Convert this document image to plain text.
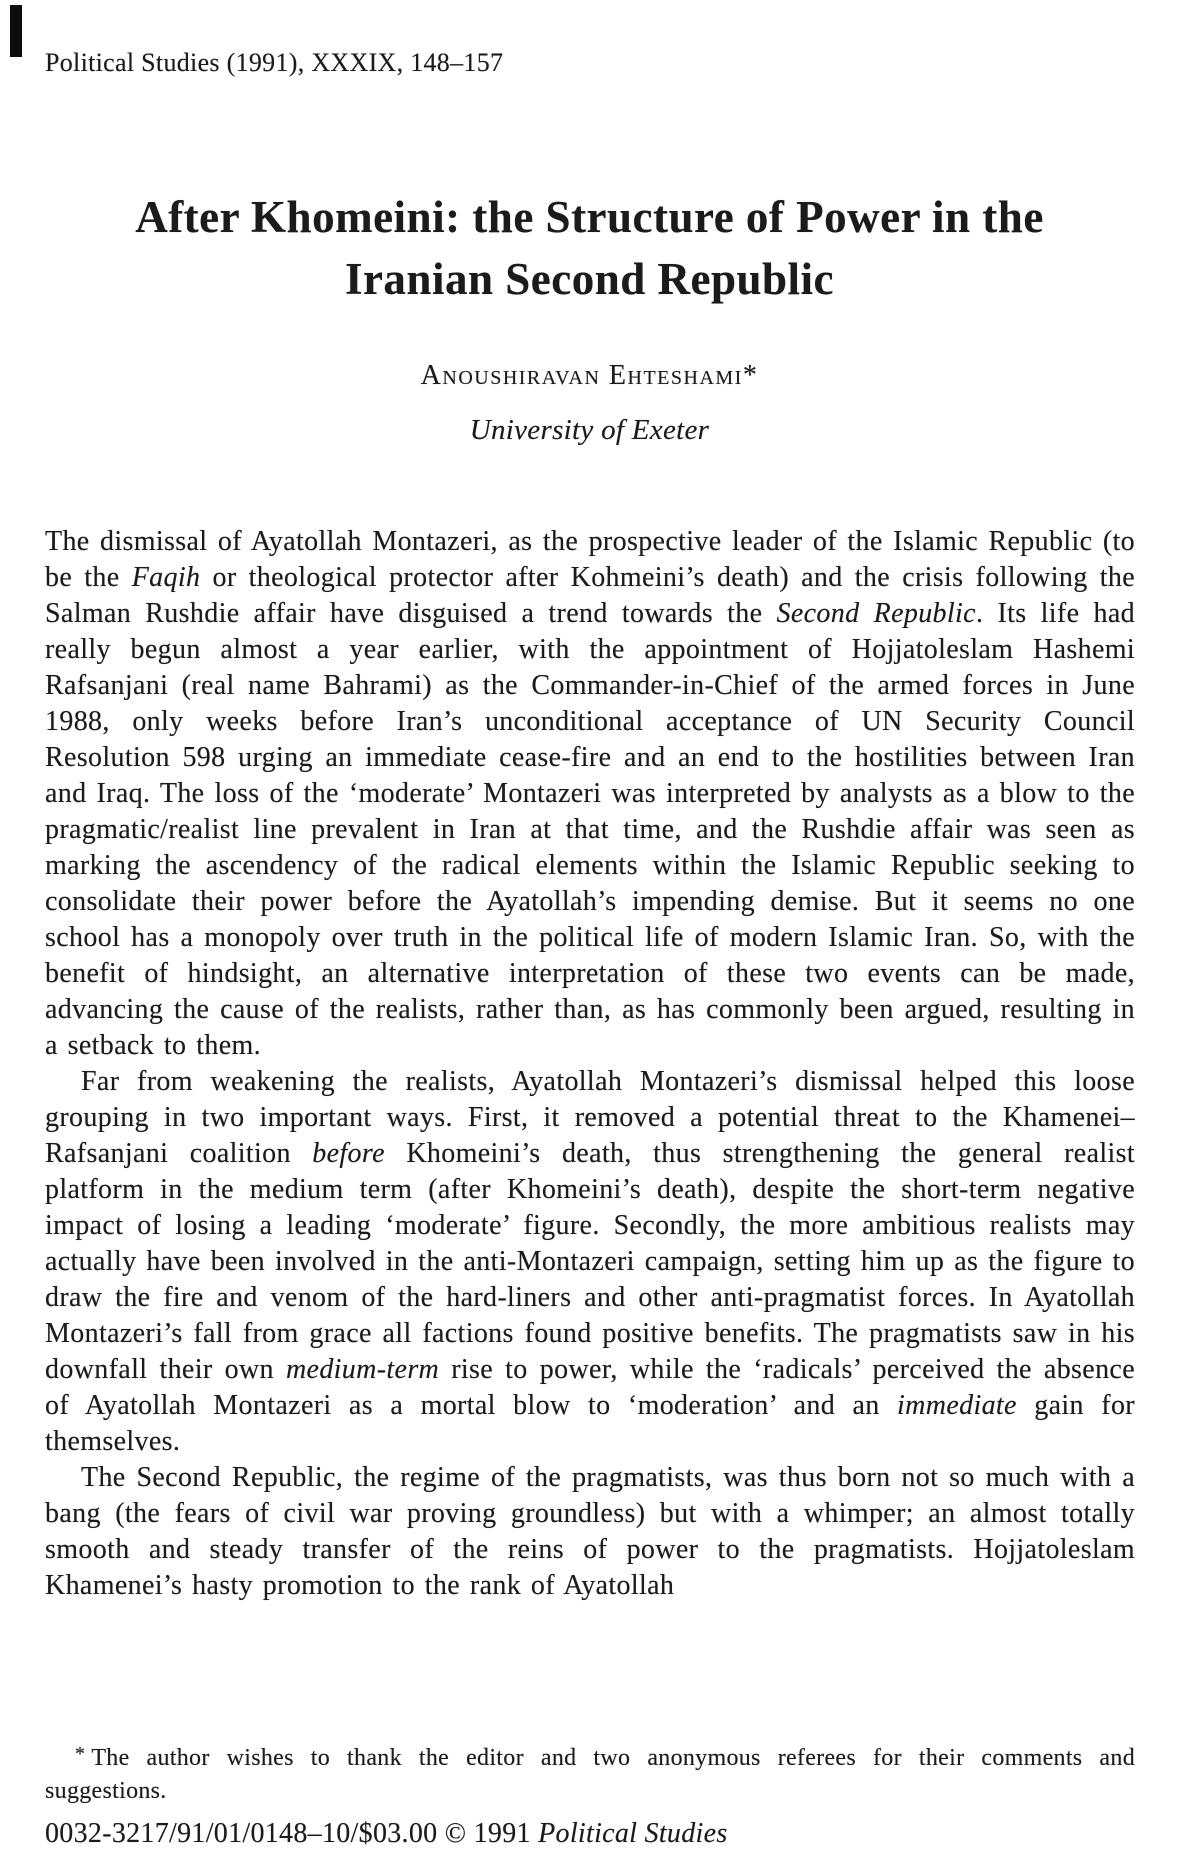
Political Studies (1991), XXXIX, 148–157
After Khomeini: the Structure of Power in the Iranian Second Republic
Anoushiravan Ehteshami*
University of Exeter

The dismissal of Ayatollah Montazeri, as the prospective leader of the Islamic Republic (to be the Faqih or theological protector after Kohmeini’s death) and the crisis following the Salman Rushdie affair have disguised a trend towards the Second Republic. Its life had really begun almost a year earlier, with the appointment of Hojjatoleslam Hashemi Rafsanjani (real name Bahrami) as the Commander-in-Chief of the armed forces in June 1988, only weeks before Iran’s unconditional acceptance of UN Security Council Resolution 598 urging an immediate cease-fire and an end to the hostilities between Iran and Iraq. The loss of the ‘moderate’ Montazeri was interpreted by analysts as a blow to the pragmatic/realist line prevalent in Iran at that time, and the Rushdie affair was seen as marking the ascendency of the radical elements within the Islamic Republic seeking to consolidate their power before the Ayatollah’s impending demise. But it seems no one school has a monopoly over truth in the political life of modern Islamic Iran. So, with the benefit of hindsight, an alternative interpretation of these two events can be made, advancing the cause of the realists, rather than, as has commonly been argued, resulting in a setback to them.

Far from weakening the realists, Ayatollah Montazeri’s dismissal helped this loose grouping in two important ways. First, it removed a potential threat to the Khamenei–Rafsanjani coalition before Khomeini’s death, thus strengthening the general realist platform in the medium term (after Khomeini’s death), despite the short-term negative impact of losing a leading ‘moderate’ figure. Secondly, the more ambitious realists may actually have been involved in the anti-Montazeri campaign, setting him up as the figure to draw the fire and venom of the hard-liners and other anti-pragmatist forces. In Ayatollah Montazeri’s fall from grace all factions found positive benefits. The pragmatists saw in his downfall their own medium-term rise to power, while the ‘radicals’ perceived the absence of Ayatollah Montazeri as a mortal blow to ‘moderation’ and an immediate gain for themselves.

The Second Republic, the regime of the pragmatists, was thus born not so much with a bang (the fears of civil war proving groundless) but with a whimper; an almost totally smooth and steady transfer of the reins of power to the pragmatists. Hojjatoleslam Khamenei’s hasty promotion to the rank of Ayatollah

* The author wishes to thank the editor and two anonymous referees for their comments and suggestions.
0032-3217/91/01/0148–10/$03.00 © 1991 Political Studies
